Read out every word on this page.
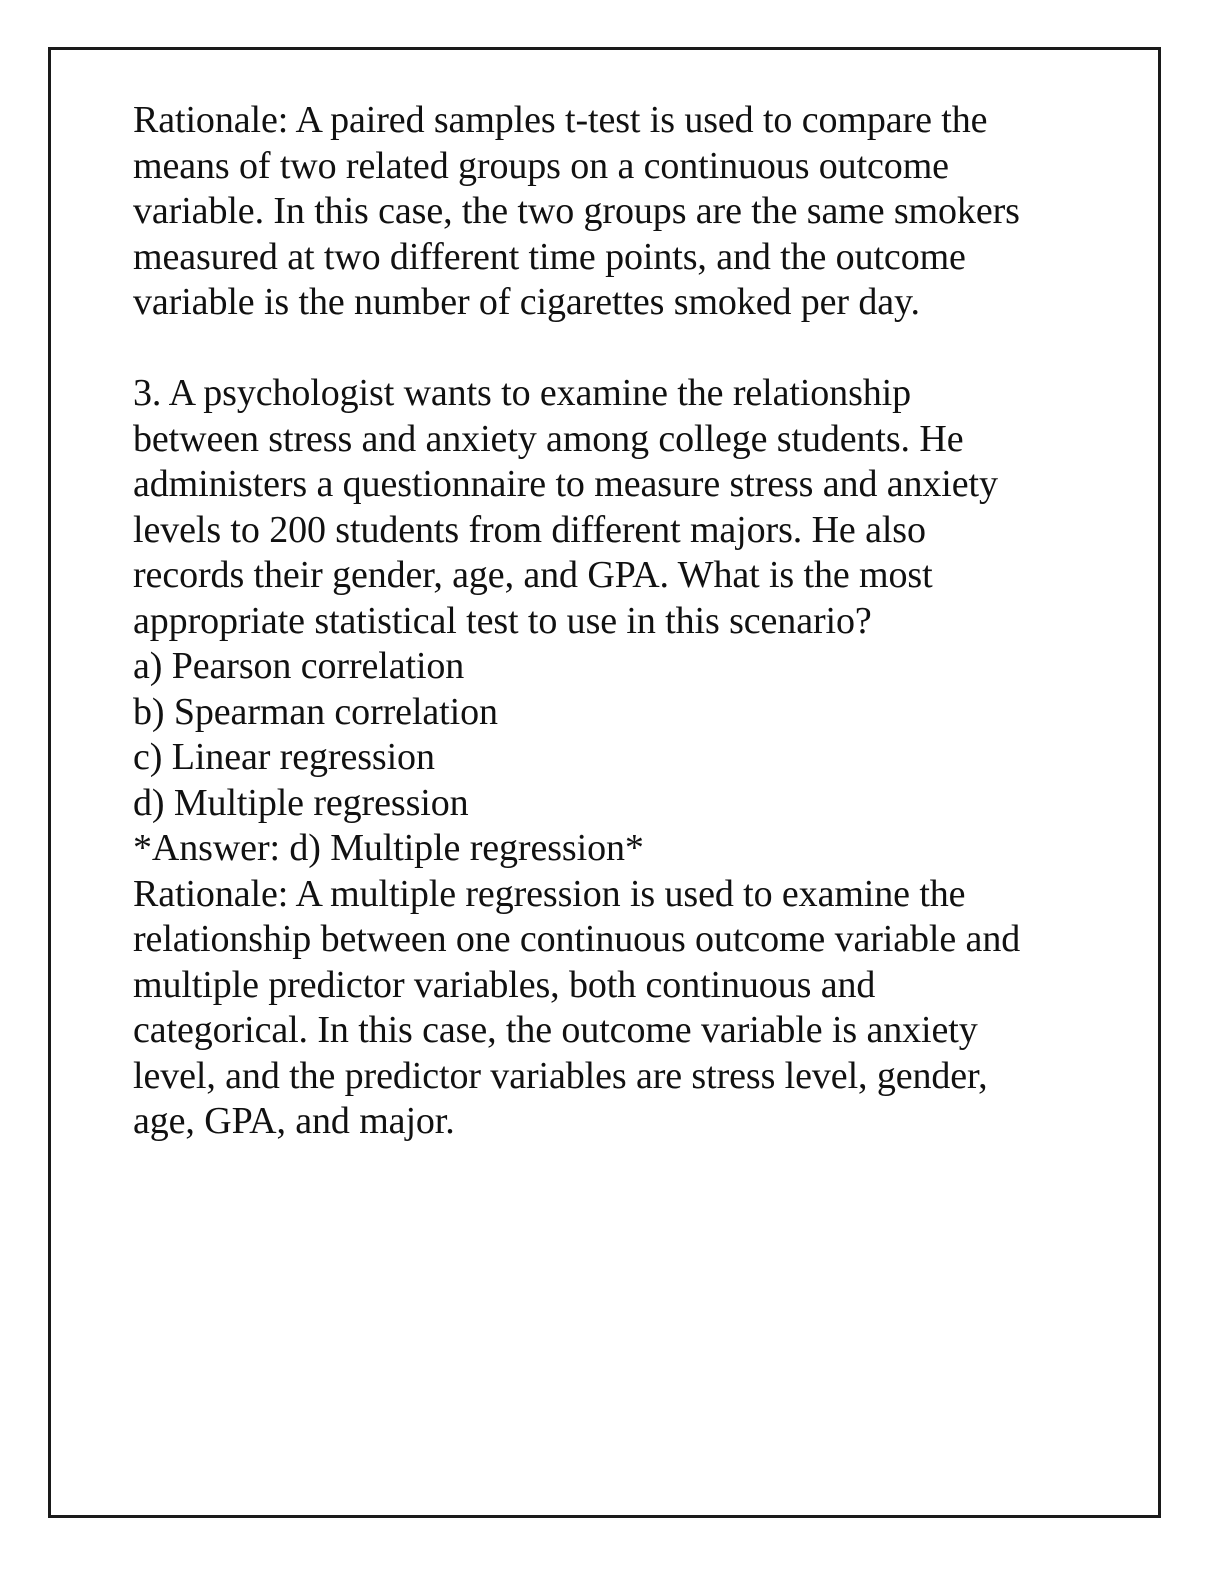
Rationale: A paired samples t-test is used to compare the
means of two related groups on a continuous outcome
variable. In this case, the two groups are the same smokers
measured at two different time points, and the outcome
variable is the number of cigarettes smoked per day.
3. A psychologist wants to examine the relationship
between stress and anxiety among college students. He
administers a questionnaire to measure stress and anxiety
levels to 200 students from different majors. He also
records their gender, age, and GPA. What is the most
appropriate statistical test to use in this scenario?
a) Pearson correlation
b) Spearman correlation
c) Linear regression
d) Multiple regression
*Answer: d) Multiple regression*
Rationale: A multiple regression is used to examine the
relationship between one continuous outcome variable and
multiple predictor variables, both continuous and
categorical. In this case, the outcome variable is anxiety
level, and the predictor variables are stress level, gender,
age, GPA, and major.
